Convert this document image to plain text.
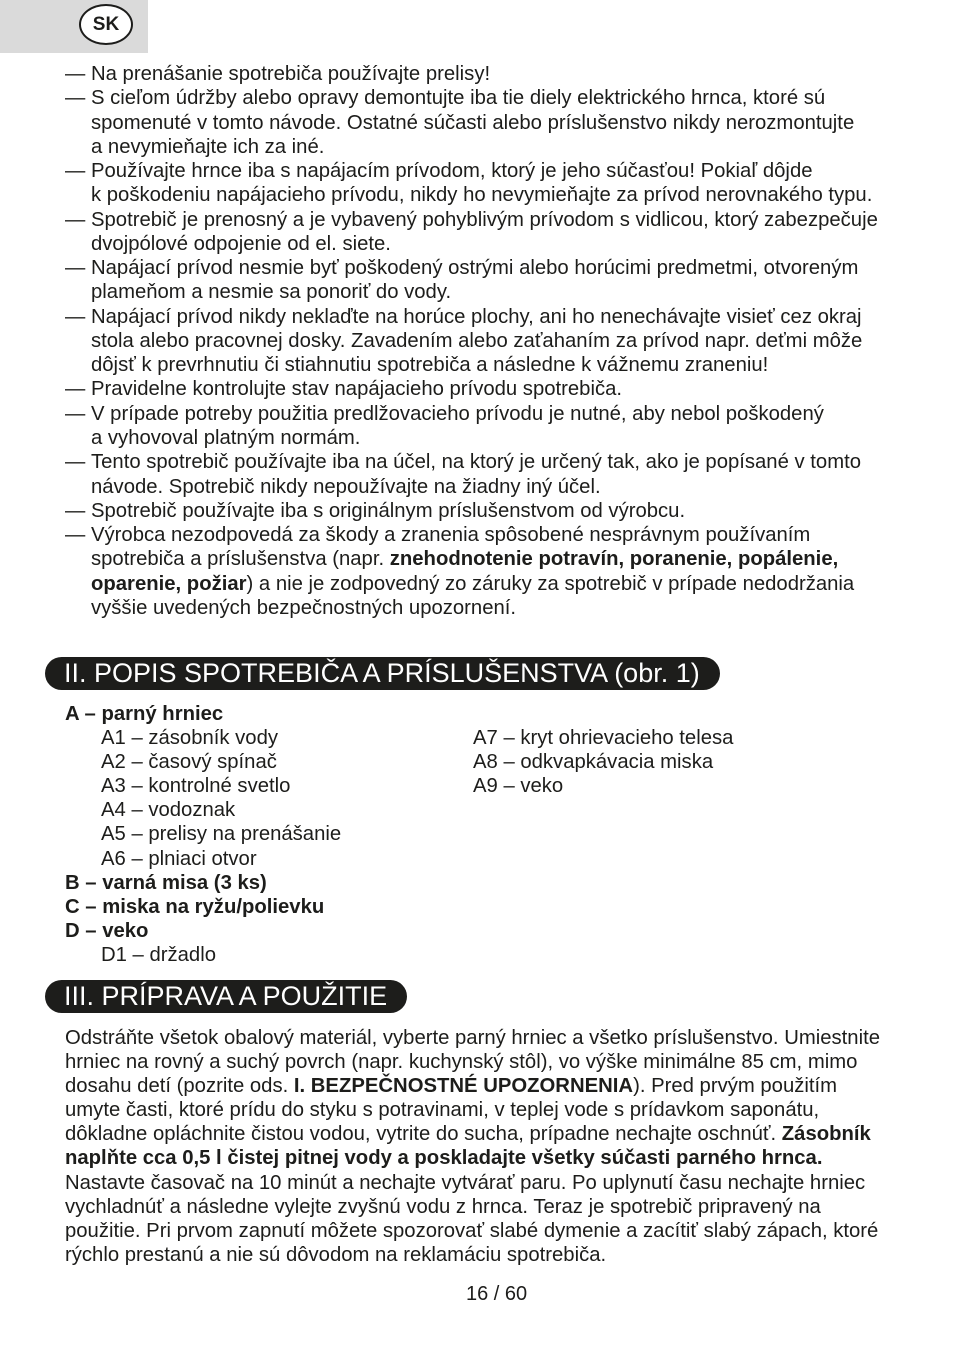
SK
— Na prenášanie spotrebiča používajte prelisy!
— S cieľom údržby alebo opravy demontujte iba tie diely elektrického hrnca, ktoré sú
spomenuté v tomto návode. Ostatné súčasti alebo príslušenstvo nikdy nerozmontujte
a nevymieňajte ich za iné.
— Používajte hrnce iba s napájacím prívodom, ktorý je jeho súčasťou! Pokiaľ dôjde
k poškodeniu napájacieho prívodu, nikdy ho nevymieňajte za prívod nerovnakého typu.
— Spotrebič je prenosný a je vybavený pohyblivým prívodom s vidlicou, ktorý zabezpečuje
dvojpólové odpojenie od el. siete.
— Napájací prívod nesmie byť poškodený ostrými alebo horúcimi predmetmi, otvoreným
plameňom a nesmie sa ponoriť do vody.
— Napájací prívod nikdy neklaďte na horúce plochy, ani ho nenechávajte visieť cez okraj
stola alebo pracovnej dosky. Zavadením alebo zaťahaním za prívod napr. deťmi môže
dôjsť k prevrhnutiu či stiahnutiu spotrebiča a následne k vážnemu zraneniu!
— Pravidelne kontrolujte stav napájacieho prívodu spotrebiča.
— V prípade potreby použitia predlžovacieho prívodu je nutné, aby nebol poškodený
a vyhovoval platným normám.
— Tento spotrebič používajte iba na účel, na ktorý je určený tak, ako je popísané v tomto
návode. Spotrebič nikdy nepoužívajte na žiadny iný účel.
— Spotrebič používajte iba s originálnym príslušenstvom od výrobcu.
— Výrobca nezodpovedá za škody a zranenia spôsobené nesprávnym používaním
spotrebiča a príslušenstva (napr. znehodnotenie potravín, poranenie, popálenie,
oparenie, požiar) a nie je zodpovedný zo záruky za spotrebič v prípade nedodržania
vyššie uvedených bezpečnostných upozornení.
II. POPIS SPOTREBIČA A PRÍSLUŠENSTVA (obr. 1)
A – parný hrniec
A1 – zásobník vody
A2 – časový spínač
A3 – kontrolné svetlo
A4 – vodoznak
A5 – prelisy na prenášanie
A6 – plniaci otvor
A7 – kryt ohrievacieho telesa
A8 – odkvapkávacia miska
A9 – veko
B – varná misa (3 ks)
C – miska na ryžu/polievku
D – veko
D1 – držadlo
III. PRÍPRAVA A POUŽITIE
Odstráňte všetok obalový materiál, vyberte parný hrniec a všetko príslušenstvo. Umiestnite
hrniec na rovný a suchý povrch (napr. kuchynský stôl), vo výške minimálne 85 cm, mimo
dosahu detí (pozrite ods. I. BEZPEČNOSTNÉ UPOZORNENIA). Pred prvým použitím
umyte časti, ktoré prídu do styku s potravinami, v teplej vode s prídavkom saponátu,
dôkladne opláchnite čistou vodou, vytrite do sucha, prípadne nechajte oschnúť. Zásobník
naplňte cca 0,5 l čistej pitnej vody a poskladajte všetky súčasti parného hrnca.
Nastavte časovač na 10 minút a nechajte vytvárať paru. Po uplynutí času nechajte hrniec
vychladnúť a následne vylejte zvyšnú vodu z hrnca. Teraz je spotrebič pripravený na
použitie. Pri prvom zapnutí môžete spozorovať slabé dymenie a zacítiť slabý zápach, ktoré
rýchlo prestanú a nie sú dôvodom na reklamáciu spotrebiča.
16 / 60
